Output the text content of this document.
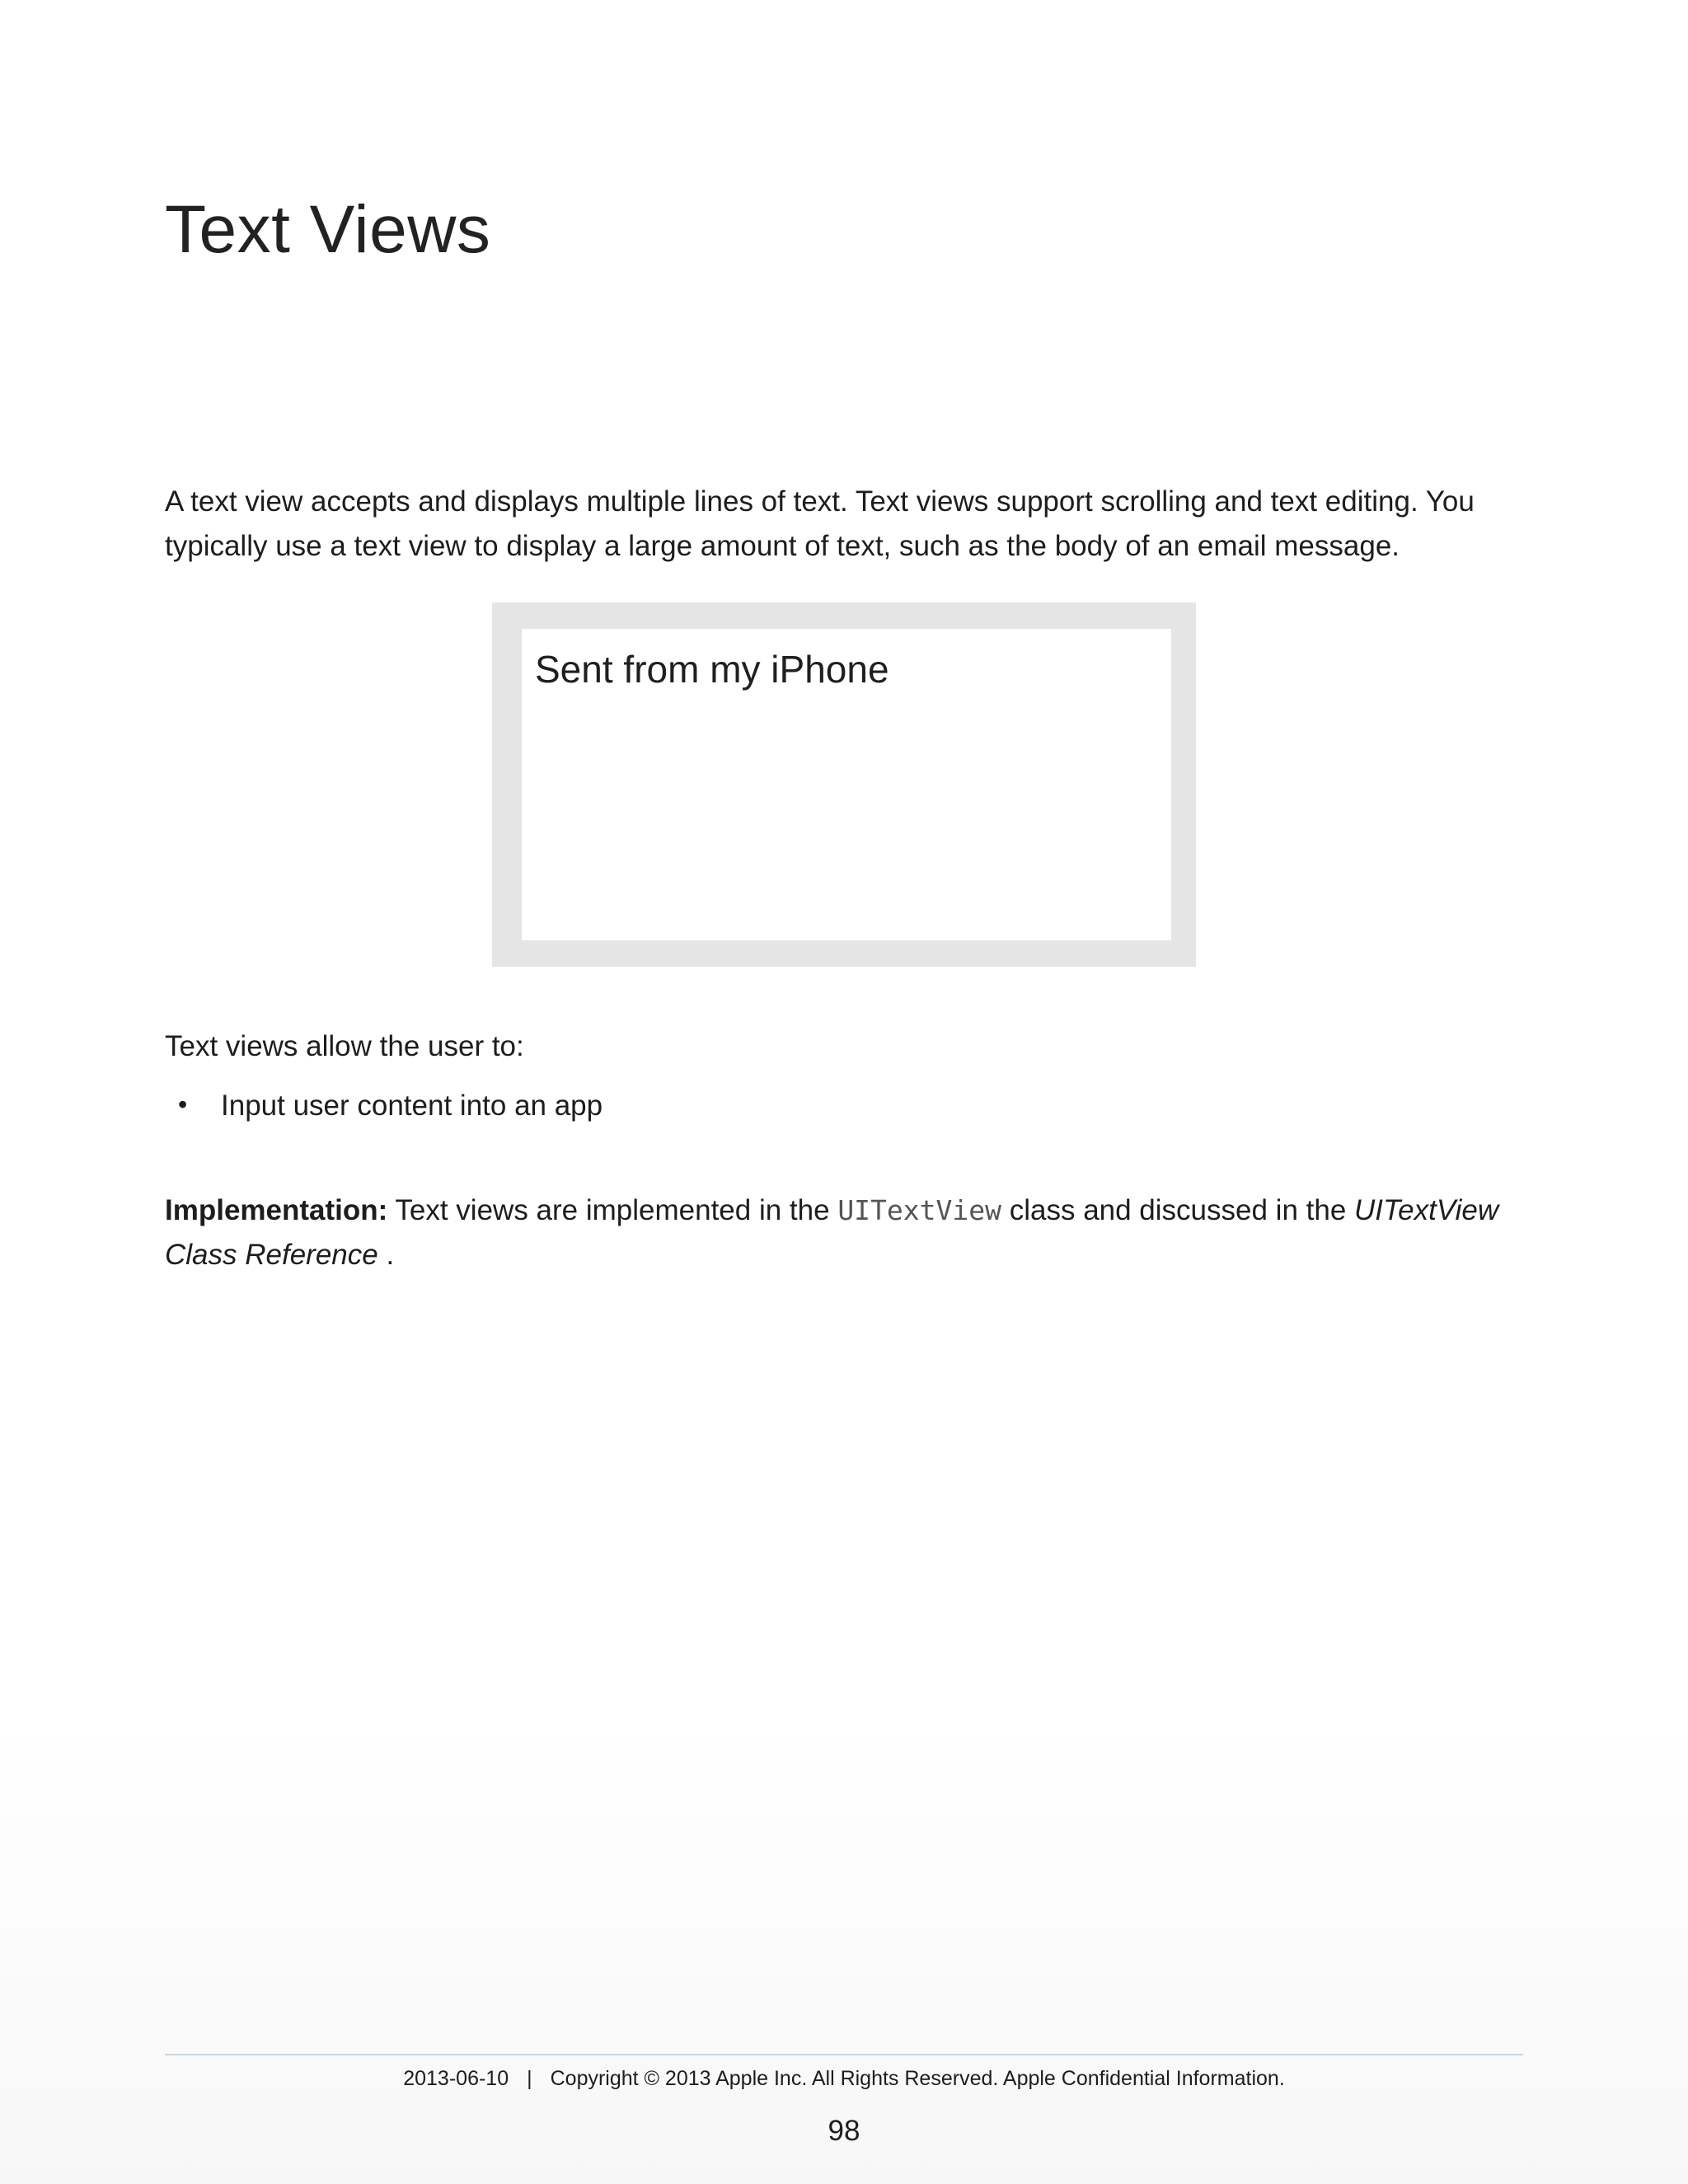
Text Views

A text view accepts and displays multiple lines of text. Text views support scrolling and text editing. You typically use a text view to display a large amount of text, such as the body of an email message.

Sent from my iPhone

Text views allow the user to:

• Input user content into an app

Implementation: Text views are implemented in the UITextView class and discussed in the UITextView Class Reference .

2013-06-10 | Copyright © 2013 Apple Inc. All Rights Reserved. Apple Confidential Information.
98
